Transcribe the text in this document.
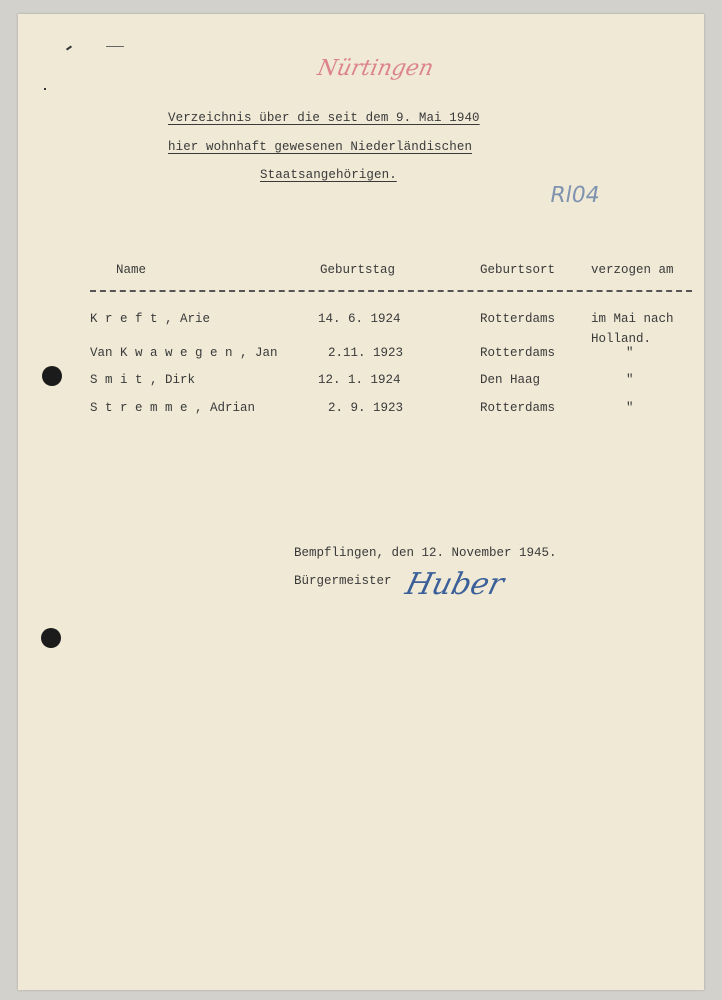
Nürtingen
Verzeichnis über die seit dem 9. Mai 1940
hier wohnhaft gewesenen Niederländischen
Staatsangehörigen.
Rl04
Name	Geburtstag	Geburtsort	verzogen am
K r e f t , Arie	14. 6. 1924	Rotterdams	im Mai nach
Holland.
Van K w a w e g e n , Jan	2.11. 1923	Rotterdams	"
S m i t , Dirk	12. 1. 1924	Den Haag	"
S t r e m m e , Adrian	2. 9. 1923	Rotterdams	"
Bempflingen, den 12. November 1945.
Bürgermeister Huber
